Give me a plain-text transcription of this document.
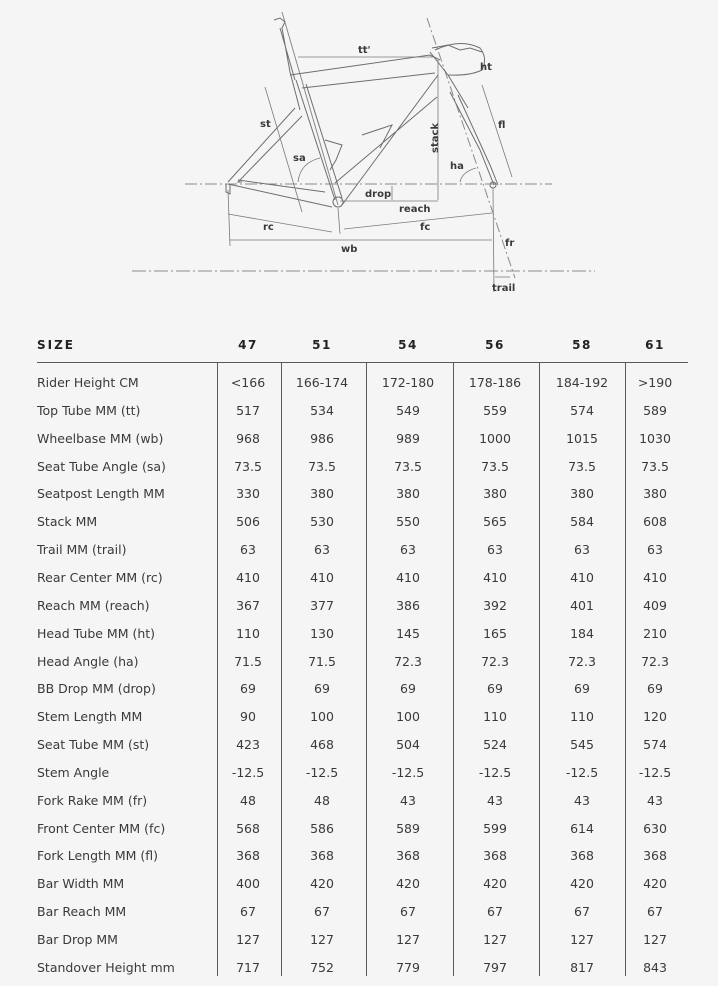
tt'
ht
st	fl
sa
stack
ha
drop
reach
rc	fc
wb
fr
trail
SIZE	47	51	54	56	58	61
Rider Height CM	<166	166-174	172-180	178-186	184-192	>190
Top Tube MM (tt)	517	534	549	559	574	589
Wheelbase MM (wb)	968	986	989	1000	1015	1030
Seat Tube Angle (sa)	73.5	73.5	73.5	73.5	73.5	73.5
Seatpost Length MM	330	380	380	380	380	380
Stack MM	506	530	550	565	584	608
Trail MM (trail)	63	63	63	63	63	63
Rear Center MM (rc)	410	410	410	410	410	410
Reach MM (reach)	367	377	386	392	401	409
Head Tube MM (ht)	110	130	145	165	184	210
Head Angle (ha)	71.5	71.5	72.3	72.3	72.3	72.3
BB Drop MM (drop)	69	69	69	69	69	69
Stem Length MM	90	100	100	110	110	120
Seat Tube MM (st)	423	468	504	524	545	574
Stem Angle	-12.5	-12.5	-12.5	-12.5	-12.5	-12.5
Fork Rake MM (fr)	48	48	43	43	43	43
Front Center MM (fc)	568	586	589	599	614	630
Fork Length MM (fl)	368	368	368	368	368	368
Bar Width MM	400	420	420	420	420	420
Bar Reach MM	67	67	67	67	67	67
Bar Drop MM	127	127	127	127	127	127
Standover Height mm	717	752	779	797	817	843
